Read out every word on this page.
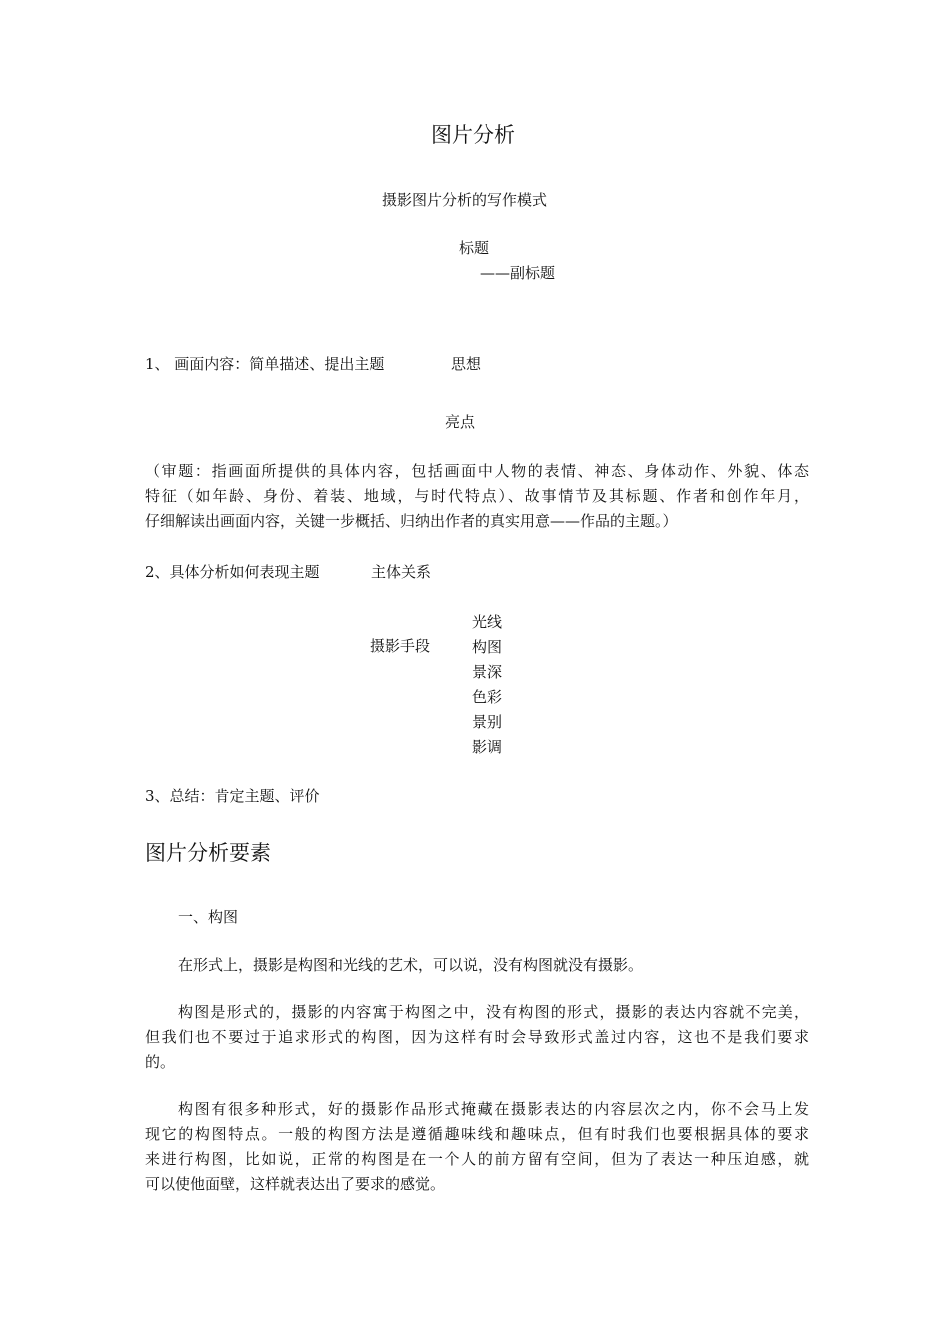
图片分析
摄影图片分析的写作模式
标题
——副标题
1、 画面内容：简单描述、提出主题	思想
亮点
（审题：指画面所提供的具体内容，包括画面中人物的表情、神态、身体动作、外貌、体态
特征（如年龄、身份、着装、地域，与时代特点）、故事情节及其标题、作者和创作年月，
仔细解读出画面内容，关键一步概括、归纳出作者的真实用意——作品的主题。）
2、具体分析如何表现主题	主体关系
摄影手段
光线
构图
景深
色彩
景别
影调
3、总结：肯定主题、评价
图片分析要素
一、构图
在形式上，摄影是构图和光线的艺术，可以说，没有构图就没有摄影。
构图是形式的，摄影的内容寓于构图之中，没有构图的形式，摄影的表达内容就不完美，
但我们也不要过于追求形式的构图，因为这样有时会导致形式盖过内容，这也不是我们要求
的。
构图有很多种形式，好的摄影作品形式掩藏在摄影表达的内容层次之内，你不会马上发
现它的构图特点。一般的构图方法是遵循趣味线和趣味点，但有时我们也要根据具体的要求
来进行构图，比如说，正常的构图是在一个人的前方留有空间，但为了表达一种压迫感，就
可以使他面壁，这样就表达出了要求的感觉。
